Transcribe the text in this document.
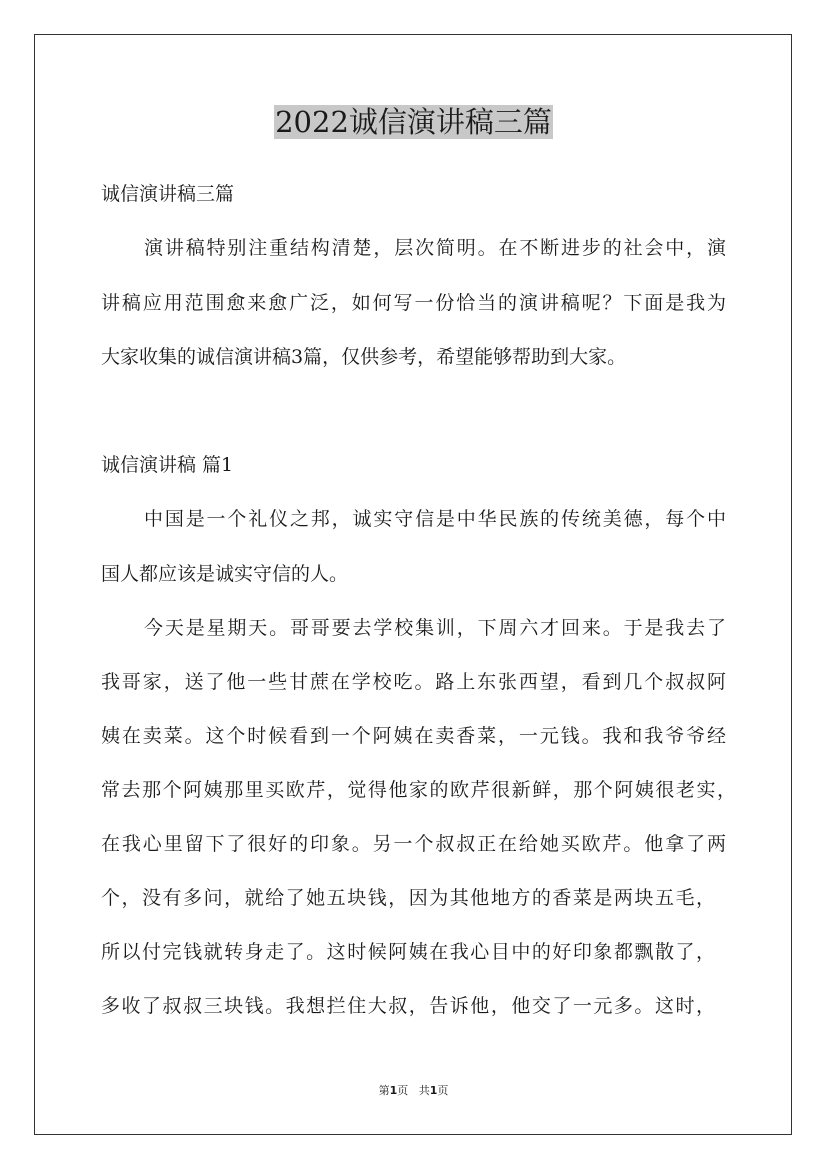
2022诚信演讲稿三篇
诚信演讲稿三篇
演讲稿特别注重结构清楚，层次简明。在不断进步的社会中，演
讲稿应用范围愈来愈广泛，如何写一份恰当的演讲稿呢？下面是我为
大家收集的诚信演讲稿3篇，仅供参考，希望能够帮助到大家。
诚信演讲稿 篇1
中国是一个礼仪之邦，诚实守信是中华民族的传统美德，每个中
国人都应该是诚实守信的人。
今天是星期天。哥哥要去学校集训，下周六才回来。于是我去了
我哥家，送了他一些甘蔗在学校吃。路上东张西望，看到几个叔叔阿
姨在卖菜。这个时候看到一个阿姨在卖香菜，一元钱。我和我爷爷经
常去那个阿姨那里买欧芹，觉得他家的欧芹很新鲜，那个阿姨很老实，
在我心里留下了很好的印象。另一个叔叔正在给她买欧芹。他拿了两
个，没有多问，就给了她五块钱，因为其他地方的香菜是两块五毛，
所以付完钱就转身走了。这时候阿姨在我心目中的好印象都飘散了，
多收了叔叔三块钱。我想拦住大叔，告诉他，他交了一元多。这时，
第1页 共1页
